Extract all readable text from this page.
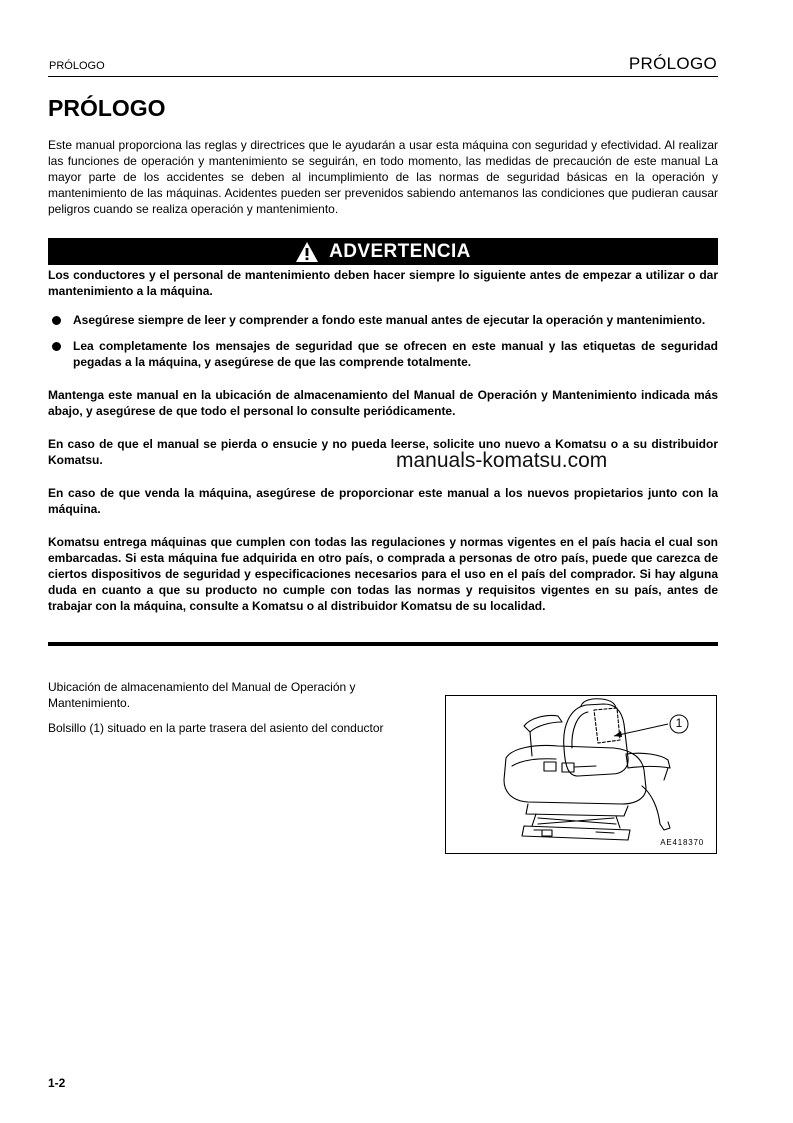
PRÓLOGO	PRÓLOGO
PRÓLOGO

Este manual proporciona las reglas y directrices que le ayudarán a usar esta máquina con seguridad y efectividad. Al realizar las funciones de operación y mantenimiento se seguirán, en todo momento, las medidas de precaución de este manual La mayor parte de los accidentes se deben al incumplimiento de las normas de seguridad básicas en la operación y mantenimiento de las máquinas. Acidentes pueden ser prevenidos sabiendo antemanos las condiciones que pudieran causar peligros cuando se realiza operación y mantenimiento.

ADVERTENCIA

Los conductores y el personal de mantenimiento deben hacer siempre lo siguiente antes de empezar a utilizar o dar mantenimiento a la máquina.

Asegúrese siempre de leer y comprender a fondo este manual antes de ejecutar la operación y mantenimiento.
Lea completamente los mensajes de seguridad que se ofrecen en este manual y las etiquetas de seguridad pegadas a la máquina, y asegúrese de que las comprende totalmente.

Mantenga este manual en la ubicación de almacenamiento del Manual de Operación y Mantenimiento indicada más abajo, y asegúrese de que todo el personal lo consulte periódicamente.

En caso de que el manual se pierda o ensucie y no pueda leerse, solicite uno nuevo a Komatsu o a su distribuidor Komatsu.

En caso de que venda la máquina, asegúrese de proporcionar este manual a los nuevos propietarios junto con la máquina.

Komatsu entrega máquinas que cumplen con todas las regulaciones y normas vigentes en el país hacia el cual son embarcadas. Si esta máquina fue adquirida en otro país, o comprada a personas de otro país, puede que carezca de ciertos dispositivos de seguridad y especificaciones necesarios para el uso en el país del comprador. Si hay alguna duda en cuanto a que su producto no cumple con todas las normas y requisitos vigentes en su país, antes de trabajar con la máquina, consulte a Komatsu o al distribuidor Komatsu de su localidad.

manuals-komatsu.com

Ubicación de almacenamiento del Manual de Operación y Mantenimiento.

Bolsillo (1) situado en la parte trasera del asiento del conductor	1
AE418370
1-2
